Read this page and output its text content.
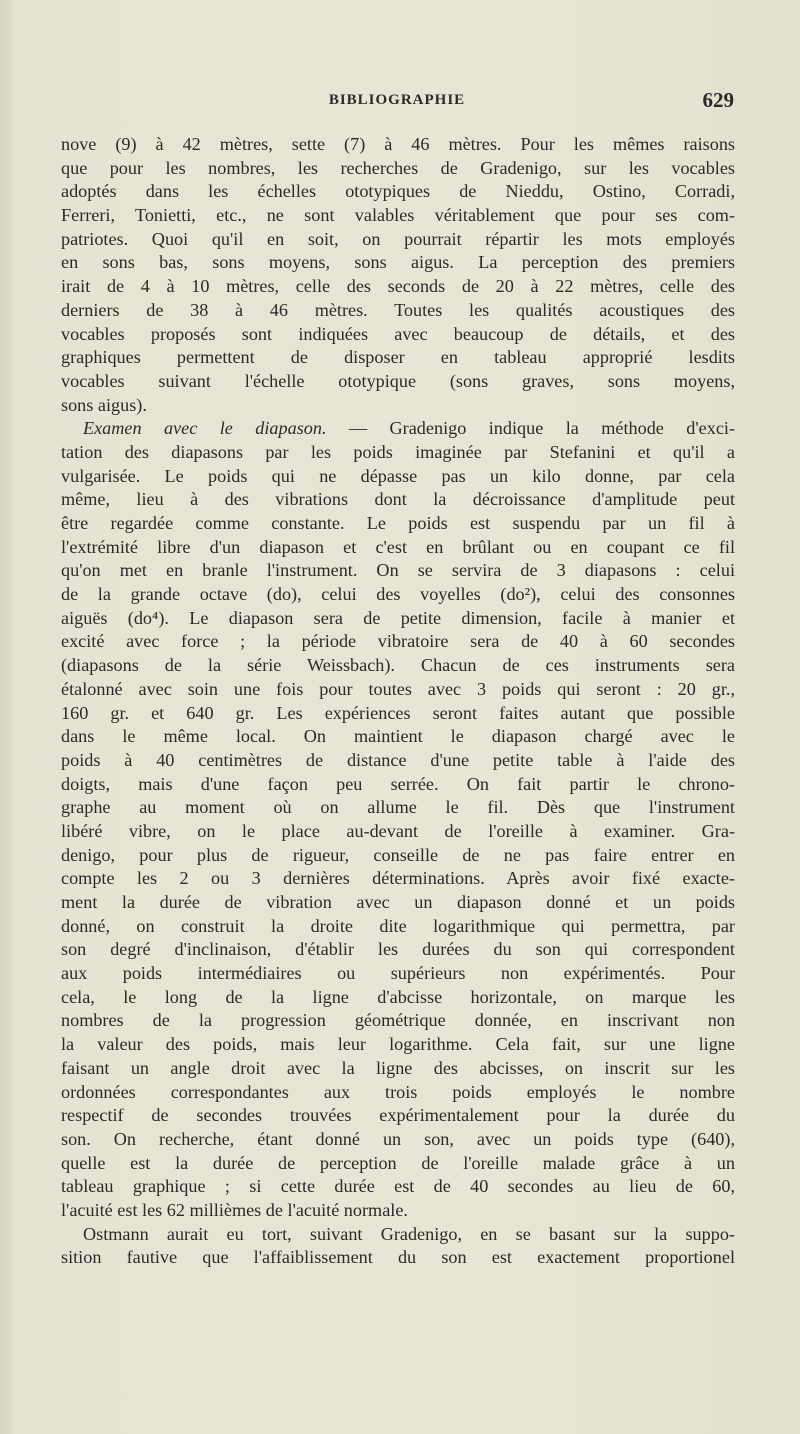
BIBLIOGRAPHIE	629
nove (9) à 42 mètres, sette (7) à 46 mètres. Pour les mêmes raisons
que pour les nombres, les recherches de Gradenigo, sur les vocables
adoptés dans les échelles ototypiques de Nieddu, Ostino, Corradi,
Ferreri, Tonietti, etc., ne sont valables véritablement que pour ses com-
patriotes. Quoi qu'il en soit, on pourrait répartir les mots employés
en sons bas, sons moyens, sons aigus. La perception des premiers
irait de 4 à 10 mètres, celle des seconds de 20 à 22 mètres, celle des
derniers de 38 à 46 mètres. Toutes les qualités acoustiques des
vocables proposés sont indiquées avec beaucoup de détails, et des
graphiques permettent de disposer en tableau approprié lesdits
vocables suivant l'échelle ototypique (sons graves, sons moyens,
sons aigus).
Examen avec le diapason. — Gradenigo indique la méthode d'exci-
tation des diapasons par les poids imaginée par Stefanini et qu'il a
vulgarisée. Le poids qui ne dépasse pas un kilo donne, par cela
même, lieu à des vibrations dont la décroissance d'amplitude peut
être regardée comme constante. Le poids est suspendu par un fil à
l'extrémité libre d'un diapason et c'est en brûlant ou en coupant ce fil
qu'on met en branle l'instrument. On se servira de 3 diapasons : celui
de la grande octave (do), celui des voyelles (do²), celui des consonnes
aiguës (do⁴). Le diapason sera de petite dimension, facile à manier et
excité avec force ; la période vibratoire sera de 40 à 60 secondes
(diapasons de la série Weissbach). Chacun de ces instruments sera
étalonné avec soin une fois pour toutes avec 3 poids qui seront : 20 gr.,
160 gr. et 640 gr. Les expériences seront faites autant que possible
dans le même local. On maintient le diapason chargé avec le
poids à 40 centimètres de distance d'une petite table à l'aide des
doigts, mais d'une façon peu serrée. On fait partir le chrono-
graphe au moment où on allume le fil. Dès que l'instrument
libéré vibre, on le place au-devant de l'oreille à examiner. Gra-
denigo, pour plus de rigueur, conseille de ne pas faire entrer en
compte les 2 ou 3 dernières déterminations. Après avoir fixé exacte-
ment la durée de vibration avec un diapason donné et un poids
donné, on construit la droite dite logarithmique qui permettra, par
son degré d'inclinaison, d'établir les durées du son qui correspondent
aux poids intermédiaires ou supérieurs non expérimentés. Pour
cela, le long de la ligne d'abcisse horizontale, on marque les
nombres de la progression géométrique donnée, en inscrivant non
la valeur des poids, mais leur logarithme. Cela fait, sur une ligne
faisant un angle droit avec la ligne des abcisses, on inscrit sur les
ordonnées correspondantes aux trois poids employés le nombre
respectif de secondes trouvées expérimentalement pour la durée du
son. On recherche, étant donné un son, avec un poids type (640),
quelle est la durée de perception de l'oreille malade grâce à un
tableau graphique ; si cette durée est de 40 secondes au lieu de 60,
l'acuité est les 62 millièmes de l'acuité normale.
Ostmann aurait eu tort, suivant Gradenigo, en se basant sur la suppo-
sition fautive que l'affaiblissement du son est exactement proportionel
